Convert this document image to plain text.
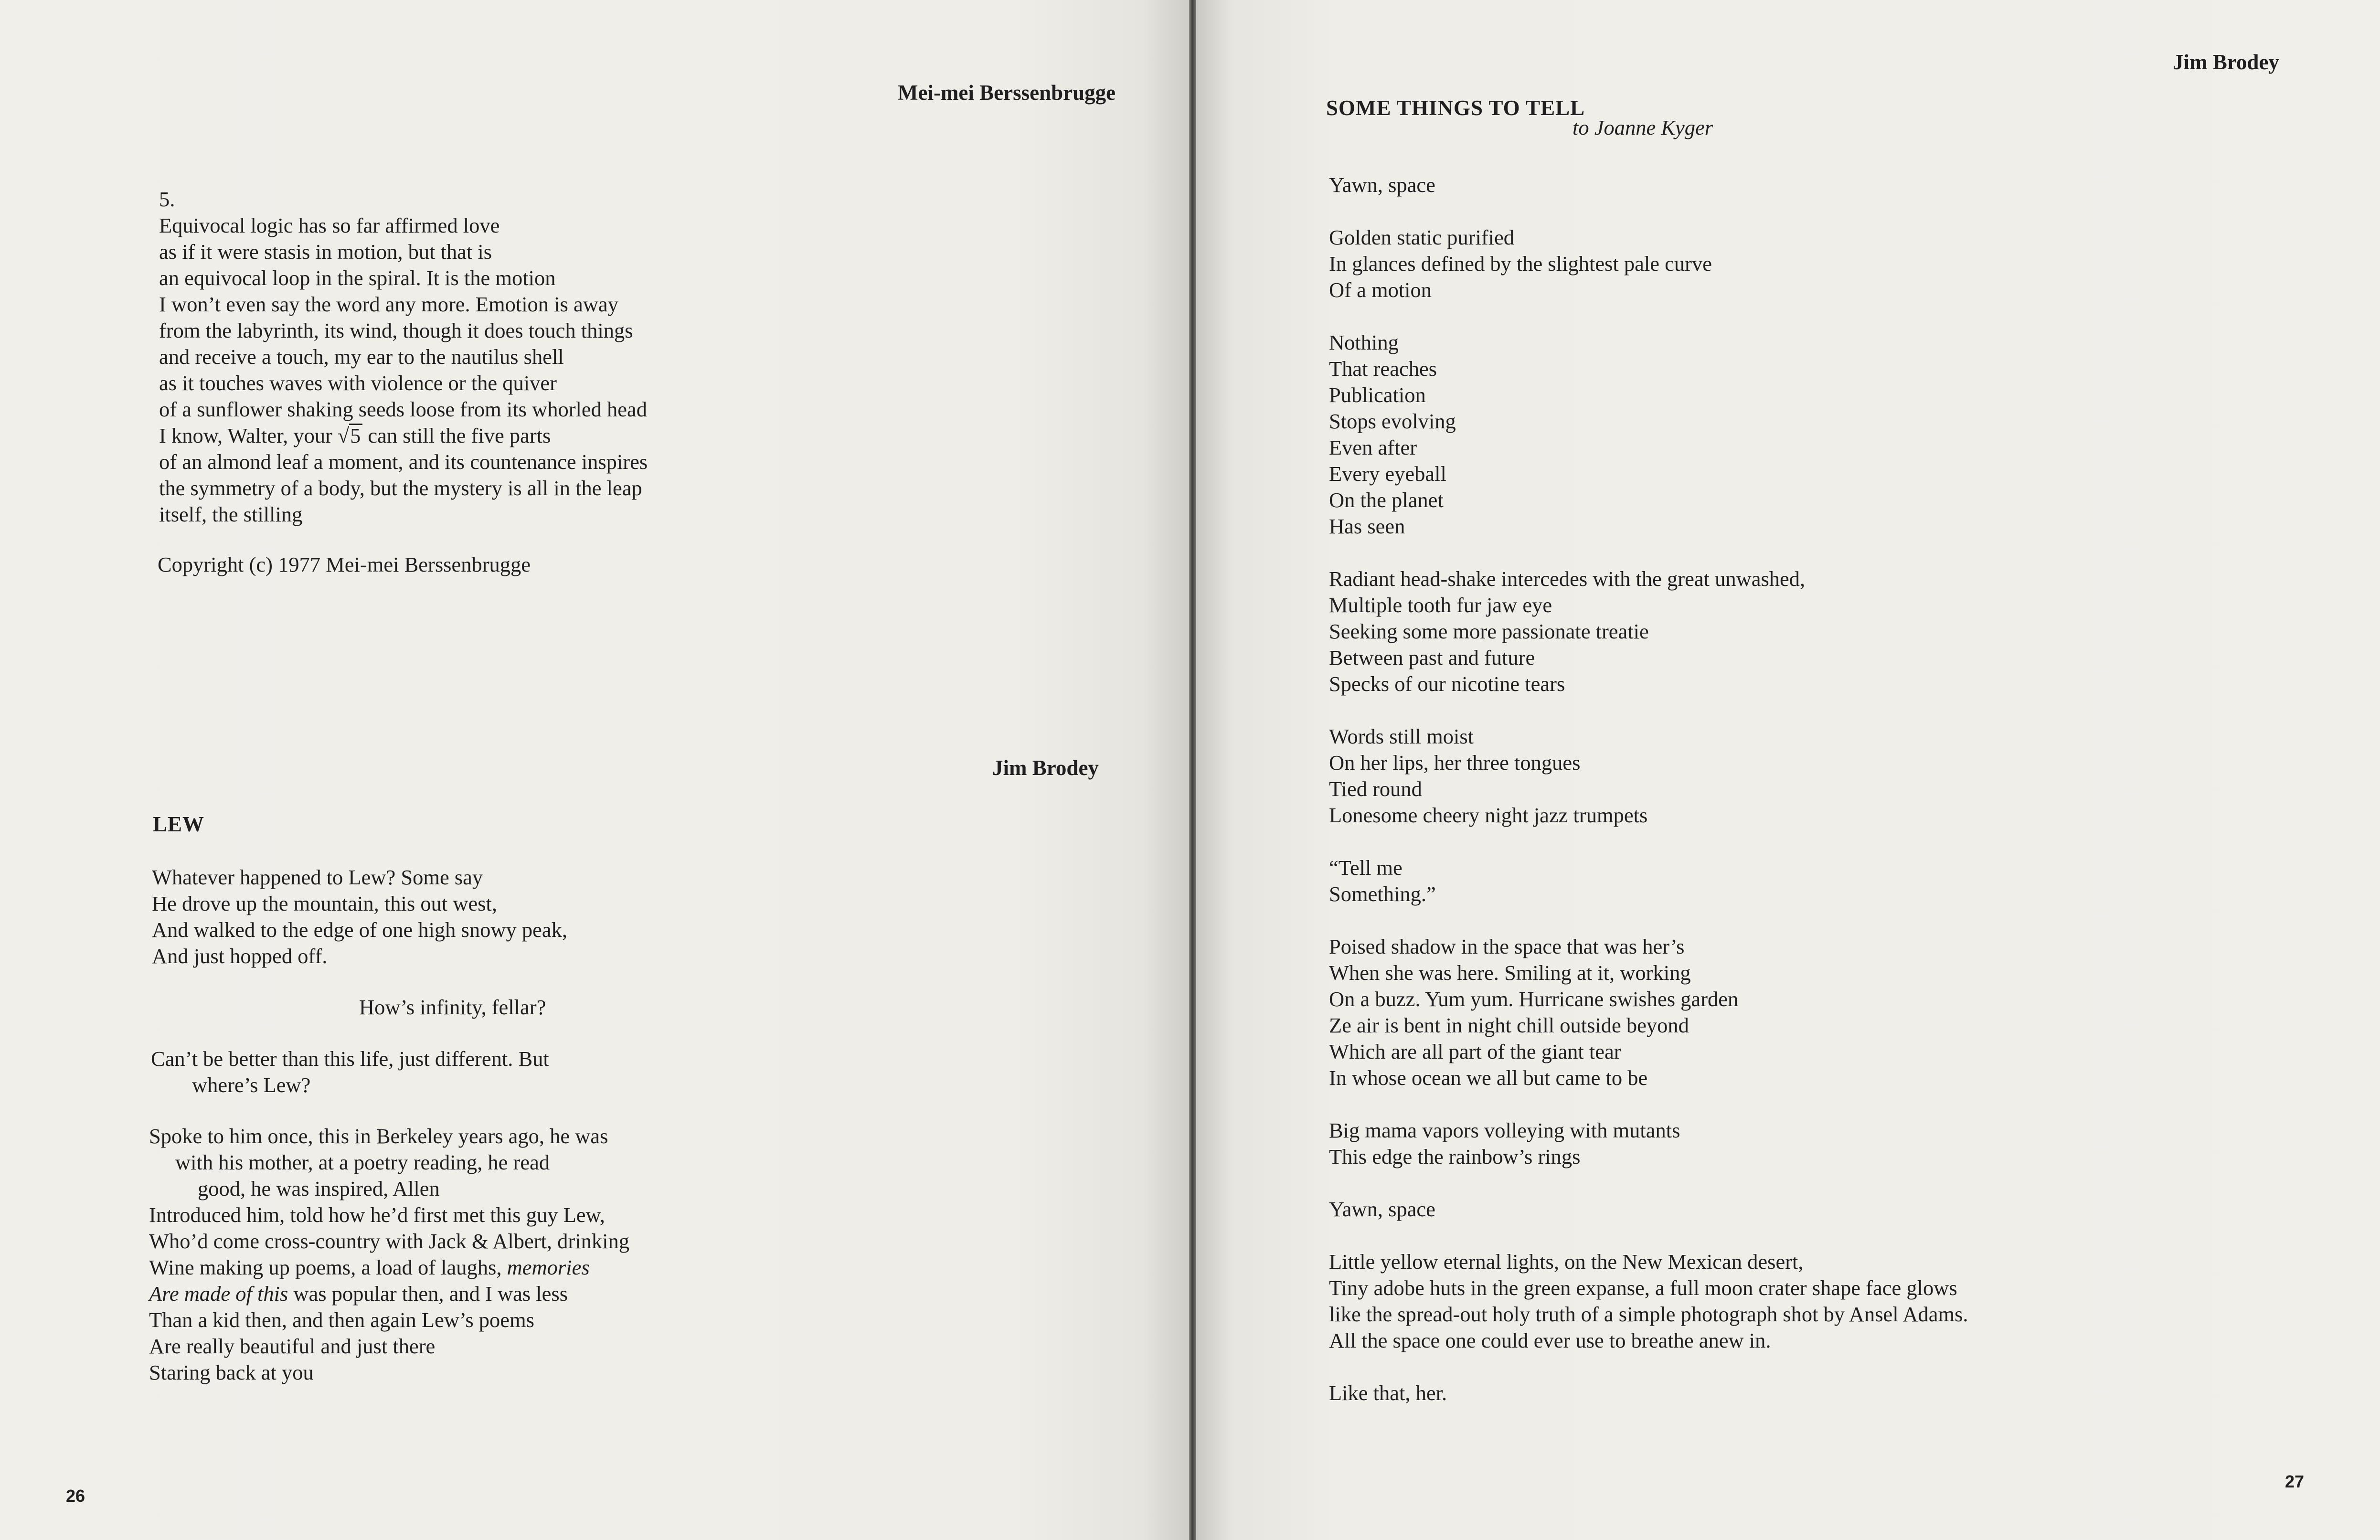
Mei-mei Berssenbrugge
5.
Equivocal logic has so far affirmed love
as if it were stasis in motion, but that is
an equivocal loop in the spiral. It is the motion
I won’t even say the word any more. Emotion is away
from the labyrinth, its wind, though it does touch things
and receive a touch, my ear to the nautilus shell
as it touches waves with violence or the quiver
of a sunflower shaking seeds loose from its whorled head
I know, Walter, your √5 can still the five parts
of an almond leaf a moment, and its countenance inspires
the symmetry of a body, but the mystery is all in the leap
itself, the stilling
Copyright (c) 1977 Mei-mei Berssenbrugge
Jim Brodey
LEW
Whatever happened to Lew? Some say
He drove up the mountain, this out west,
And walked to the edge of one high snowy peak,
And just hopped off.
How’s infinity, fellar?
Can’t be better than this life, just different. But
where’s Lew?
Spoke to him once, this in Berkeley years ago, he was
with his mother, at a poetry reading, he read
good, he was inspired, Allen
Introduced him, told how he’d first met this guy Lew,
Who’d come cross-country with Jack & Albert, drinking
Wine making up poems, a load of laughs, memories
Are made of this was popular then, and I was less
Than a kid then, and then again Lew’s poems
Are really beautiful and just there
Staring back at you
26
Jim Brodey
SOME THINGS TO TELL
to Joanne Kyger
Yawn, space
Golden static purified
In glances defined by the slightest pale curve
Of a motion
Nothing
That reaches
Publication
Stops evolving
Even after
Every eyeball
On the planet
Has seen
Radiant head-shake intercedes with the great unwashed,
Multiple tooth fur jaw eye
Seeking some more passionate treatie
Between past and future
Specks of our nicotine tears
Words still moist
On her lips, her three tongues
Tied round
Lonesome cheery night jazz trumpets
“Tell me
Something.”
Poised shadow in the space that was her’s
When she was here. Smiling at it, working
On a buzz. Yum yum. Hurricane swishes garden
Ze air is bent in night chill outside beyond
Which are all part of the giant tear
In whose ocean we all but came to be
Big mama vapors volleying with mutants
This edge the rainbow’s rings
Yawn, space
Little yellow eternal lights, on the New Mexican desert,
Tiny adobe huts in the green expanse, a full moon crater shape face glows
like the spread-out holy truth of a simple photograph shot by Ansel Adams.
All the space one could ever use to breathe anew in.
Like that, her.
27
